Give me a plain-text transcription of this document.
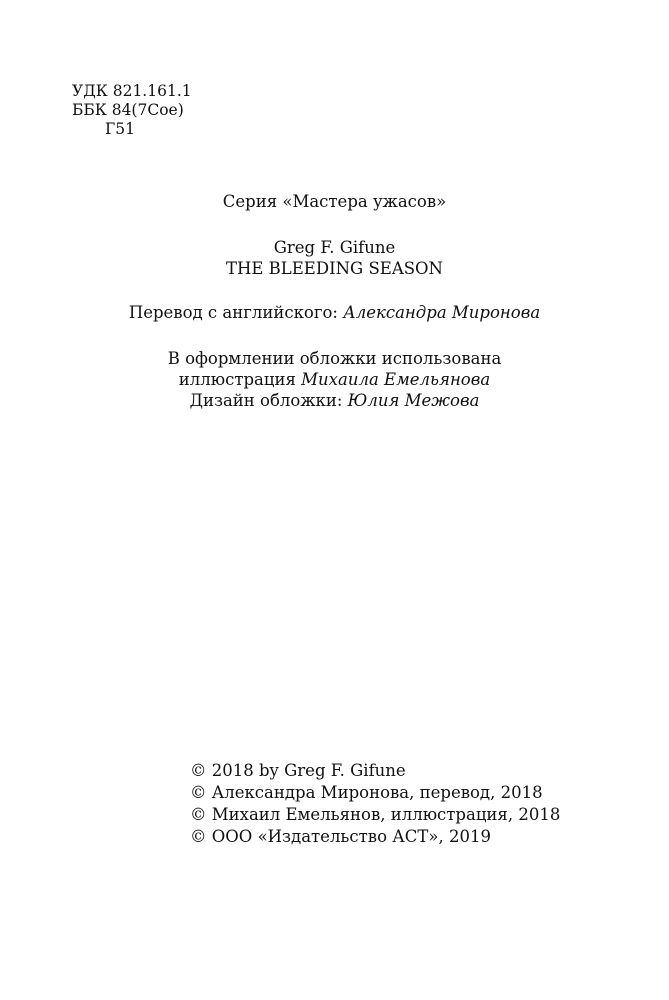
УДК 821.161.1
ББК 84(7Сое)
Г51
Серия «Мастера ужасов»
Greg F. Gifune
THE BLEEDING SEASON
Перевод с английского: Александра Миронова
В оформлении обложки использована
иллюстрация Михаила Емельянова
Дизайн обложки: Юлия Межова
© 2018 by Greg F. Gifune
© Александра Миронова, перевод, 2018
© Михаил Емельянов, иллюстрация, 2018
© ООО «Издательство АСТ», 2019
